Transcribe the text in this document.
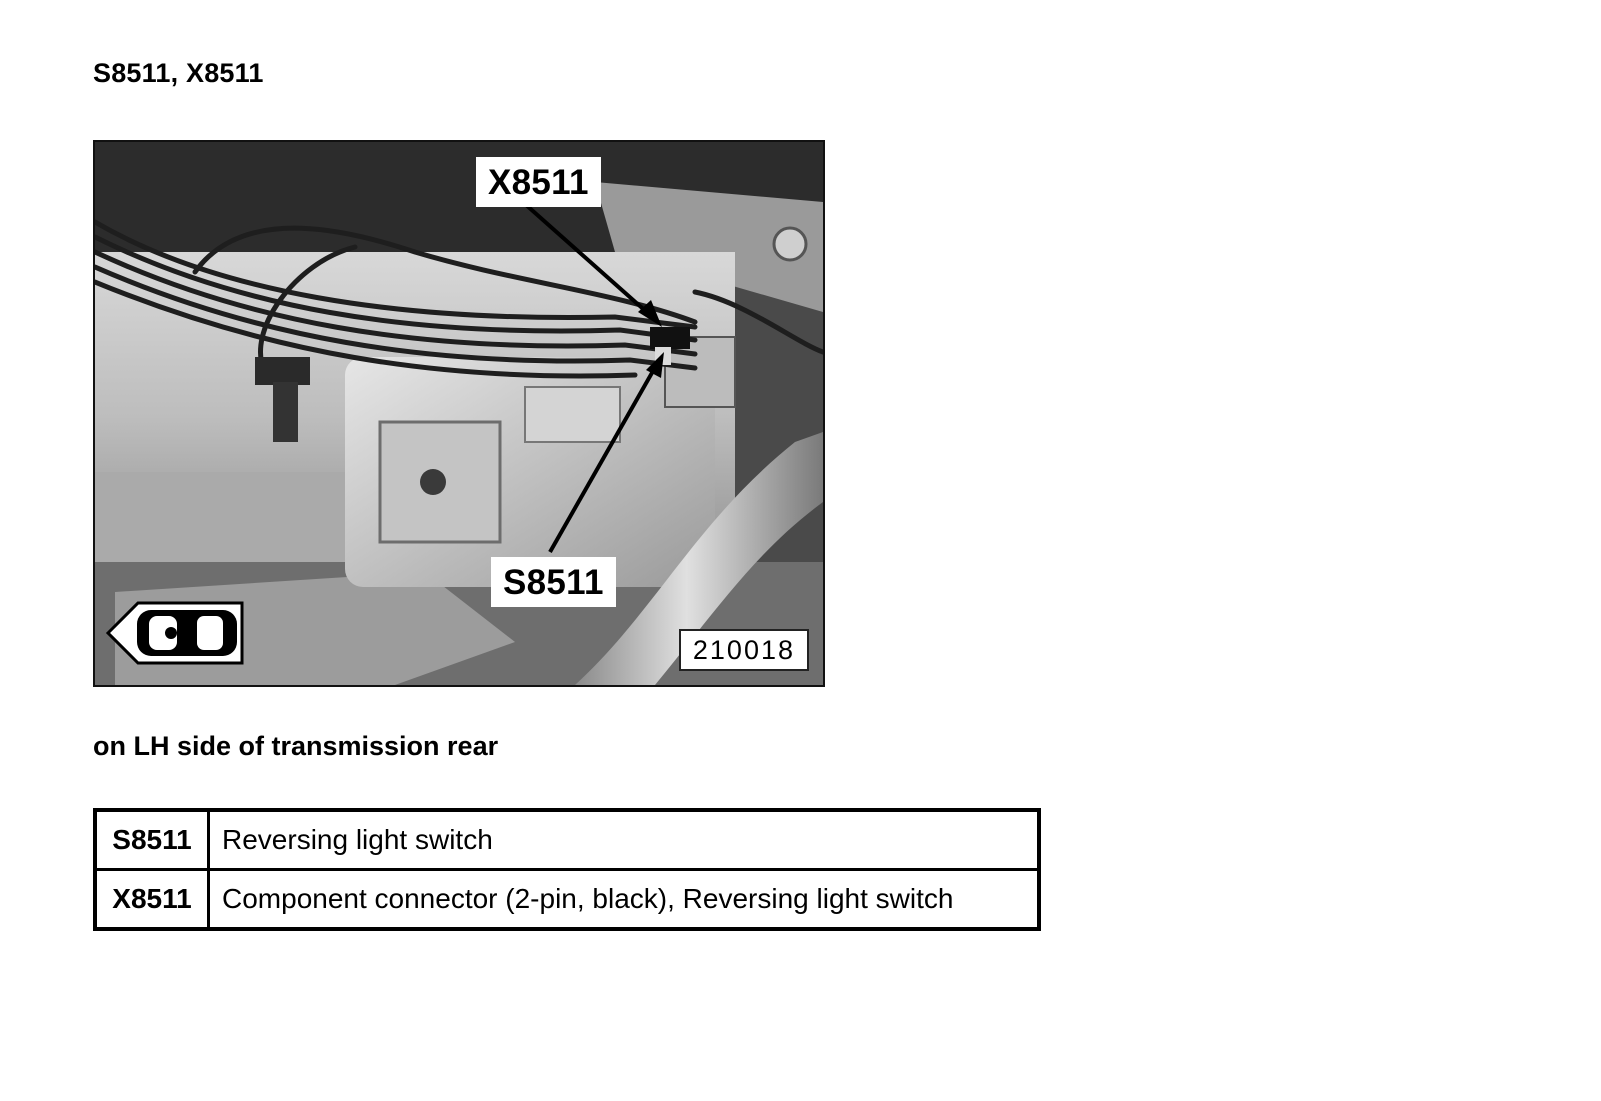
S8511, X8511
X8511
S8511
210018

on LH side of transmission rear

S8511	Reversing light switch
X8511	Component connector (2-pin, black), Reversing light switch
